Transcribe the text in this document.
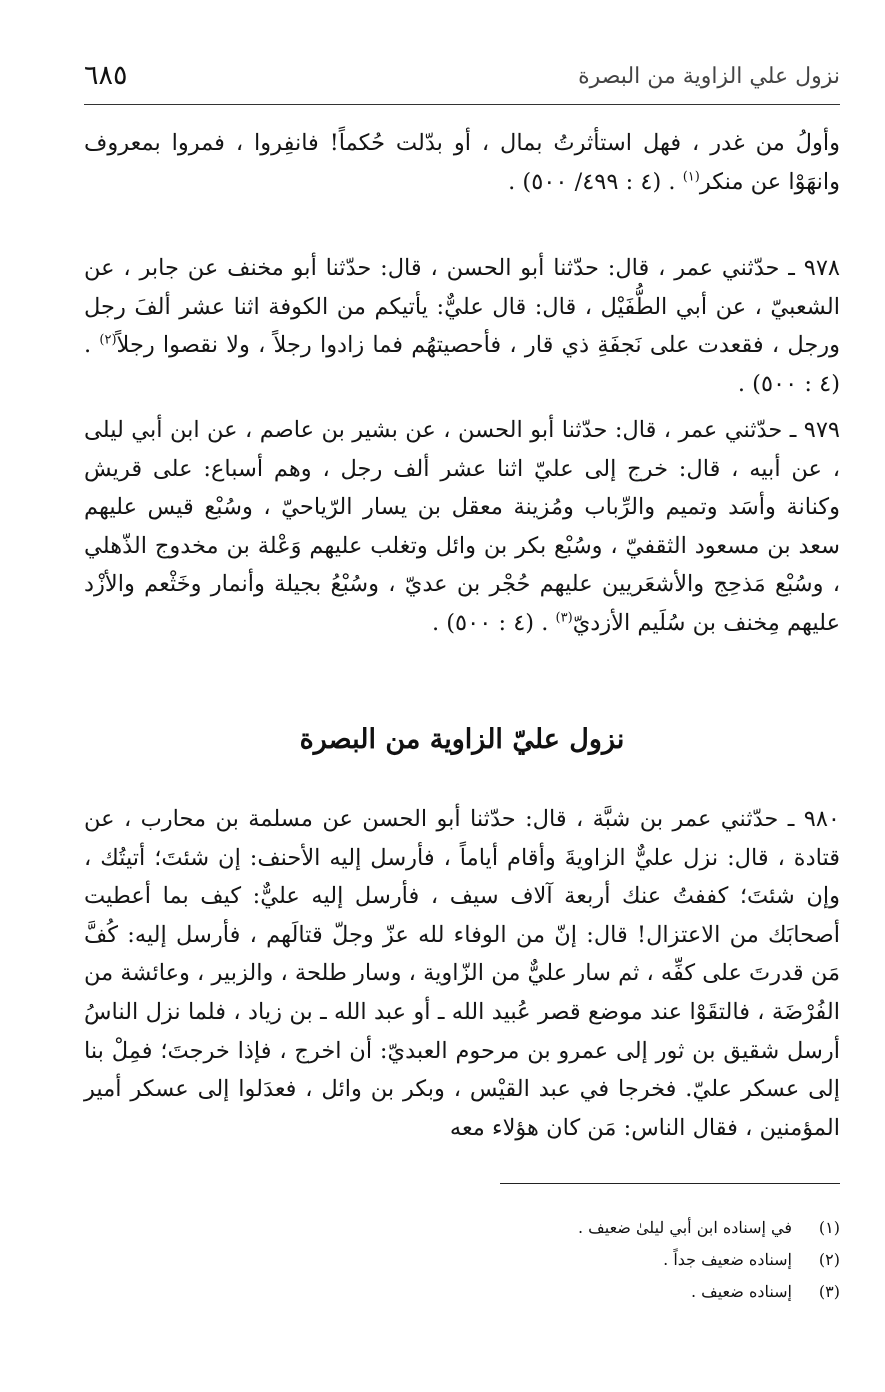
نزول علي الزاوية من البصرة
٦٨٥

وأولُ من غدر ، فهل استأثرتُ بمال ، أو بدّلت حُكماً! فانفِروا ، فمروا بمعروف وانهَوْا عن منكر$^{(١)}$ . (٤ : ٤٩٩/ ٥٠٠) .

٩٧٨ ـ حدّثني عمر ، قال: حدّثنا أبو الحسن ، قال: حدّثنا أبو مخنف عن جابر ، عن الشعبيّ ، عن أبي الطُّفَيْل ، قال: قال عليٌّ: يأتيكم من الكوفة اثنا عشر ألفَ رجل ورجل ، فقعدت على نَجفَةِ ذي قار ، فأحصيتهُم فما زادوا رجلاً ، ولا نقصوا رجلاً$^{(٢)}$ . (٤ : ٥٠٠) .

٩٧٩ ـ حدّثني عمر ، قال: حدّثنا أبو الحسن ، عن بشير بن عاصم ، عن ابن أبي ليلى ، عن أبيه ، قال: خرج إلى عليّ اثنا عشر ألف رجل ، وهم أسباع: على قريش وكنانة وأسَد وتميم والرِّباب ومُزينة معقل بن يسار الرّياحيّ ، وسُبْع قيس عليهم سعد بن مسعود الثقفيّ ، وسُبْع بكر بن وائل وتغلب عليهم وَعْلة بن مخدوج الذّهلي ، وسُبْع مَذحِج والأشعَريين عليهم حُجْر بن عديّ ، وسُبْعُ بجيلة وأنمار وخَثْعم والأزْد عليهم مِخنف بن سُلَيم الأزديّ$^{(٣)}$ . (٤ : ٥٠٠) .

نزول عليّ الزاوية من البصرة

٩٨٠ ـ حدّثني عمر بن شبَّة ، قال: حدّثنا أبو الحسن عن مسلمة بن محارب ، عن قتادة ، قال: نزل عليٌّ الزاويةَ وأقام أياماً ، فأرسل إليه الأحنف: إن شئتَ؛ أتيتُك ، وإن شئتَ؛ كففتُ عنك أربعة آلاف سيف ، فأرسل إليه عليٌّ: كيف بما أعطيت أصحابَك من الاعتزال! قال: إنّ من الوفاء لله عزّ وجلّ قتالَهم ، فأرسل إليه: كُفَّ مَن قدرتَ على كفِّه ، ثم سار عليٌّ من الزّاوية ، وسار طلحة ، والزبير ، وعائشة من الفُرْضَة ، فالتقَوْا عند موضع قصر عُبيد الله ـ أو عبد الله ـ بن زياد ، فلما نزل الناسُ أرسل شقيق بن ثور إلى عمرو بن مرحوم العبديّ: أن اخرج ، فإذا خرجتَ؛ فمِلْ بنا إلى عسكر عليّ. فخرجا في عبد القيْس ، وبكر بن وائل ، فعدَلوا إلى عسكر أمير المؤمنين ، فقال الناس: مَن كان هؤلاء معه

(١)
في إسناده ابن أبي ليلىٰ ضعيف .
(٢)
إسناده ضعيف جداً .
(٣)
إسناده ضعيف .
